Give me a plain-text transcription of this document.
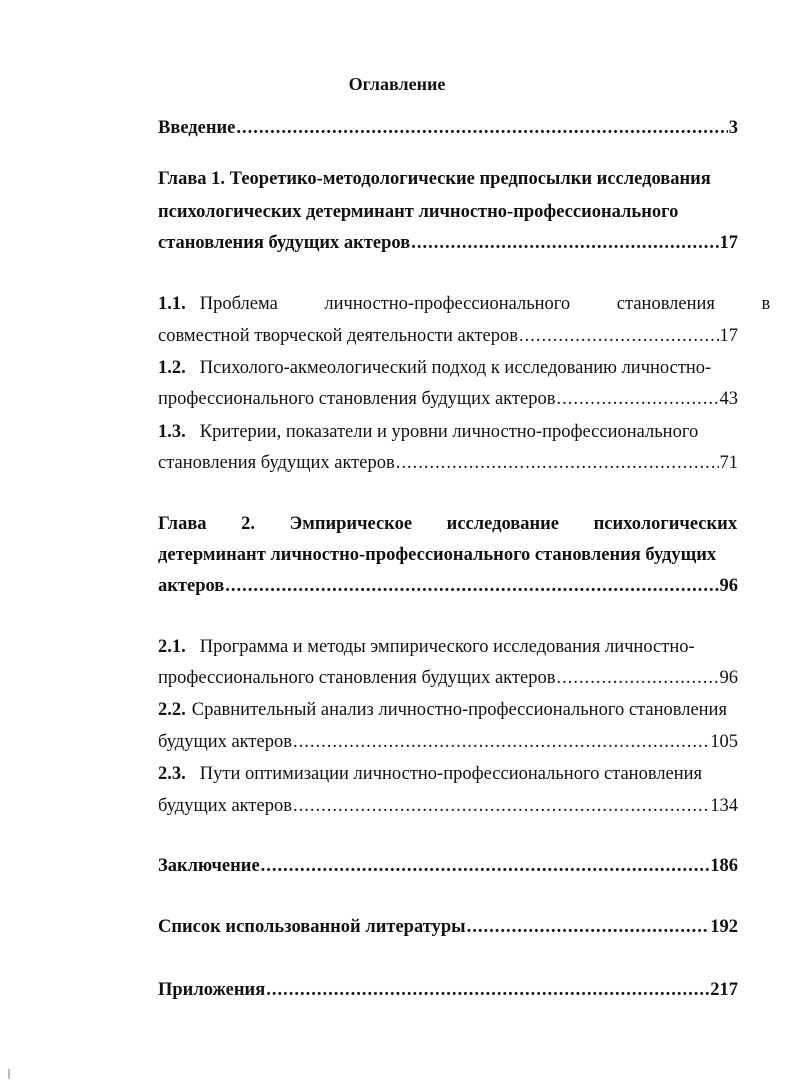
Оглавление
Введение .....	3
Глава 1. Теоретико-методологические предпосылки исследования
психологических детерминант личностно-профессионального
становления будущих актеров .....	17
1.1. Проблема личностно-профессионального становления в
совместной творческой деятельности актеров .....	17
1.2. Психолого-акмеологический подход к исследованию личностно-
профессионального становления будущих актеров .....	43
1.3. Критерии, показатели и уровни личностно-профессионального
становления будущих актеров .....	71
Глава 2. Эмпирическое исследование психологических
детерминант личностно-профессионального становления будущих
актеров .....	96
2.1. Программа и методы эмпирического исследования личностно-
профессионального становления будущих актеров .....	96
2.2. Сравнительный анализ личностно-профессионального становления
будущих актеров .....	105
2.3. Пути оптимизации личностно-профессионального становления
будущих актеров .....	134
Заключение .....	186
Список использованной литературы .....	192
Приложения .....	217
